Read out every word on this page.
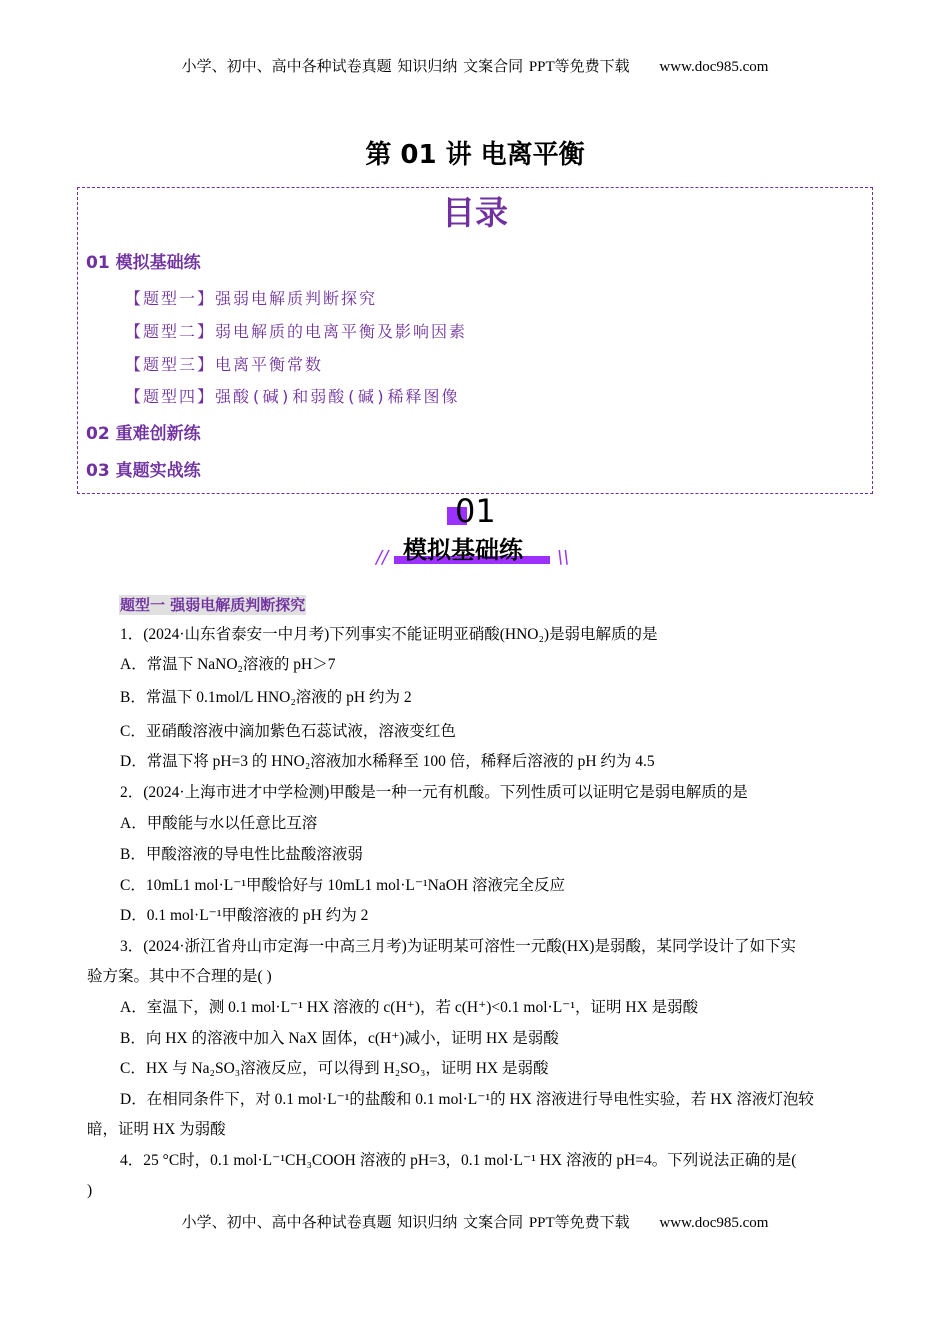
小学、初中、高中各种试卷真题 知识归纳 文案合同 PPT等免费下载 www.doc985.com
第 01 讲 电离平衡
目录
01 模拟基础练
【题型一】强弱电解质判断探究
【题型二】弱电解质的电离平衡及影响因素
【题型三】电离平衡常数
【题型四】强酸(碱)和弱酸(碱)稀释图像
02 重难创新练
03 真题实战练
01
模拟基础练
//	\\
题型一 强弱电解质判断探究
1．(2024·山东省泰安一中月考)下列事实不能证明亚硝酸(HNO₂)是弱电解质的是
A．常温下 NaNO₂溶液的 pH＞7
B．常温下 0.1mol/L HNO₂溶液的 pH 约为 2
C．亚硝酸溶液中滴加紫色石蕊试液，溶液变红色
D．常温下将 pH=3 的 HNO₂溶液加水稀释至 100 倍，稀释后溶液的 pH 约为 4.5
2．(2024·上海市进才中学检测)甲酸是一种一元有机酸。下列性质可以证明它是弱电解质的是
A．甲酸能与水以任意比互溶
B．甲酸溶液的导电性比盐酸溶液弱
C．10mL1 mol·L⁻¹甲酸恰好与 10mL1 mol·L⁻¹NaOH 溶液完全反应
D．0.1 mol·L⁻¹甲酸溶液的 pH 约为 2
3．(2024·浙江省舟山市定海一中高三月考)为证明某可溶性一元酸(HX)是弱酸，某同学设计了如下实
验方案。其中不合理的是( )
A．室温下，测 0.1 mol·L⁻¹ HX 溶液的 c(H⁺)，若 c(H⁺)<0.1 mol·L⁻¹，证明 HX 是弱酸
B．向 HX 的溶液中加入 NaX 固体，c(H⁺)减小，证明 HX 是弱酸
C．HX 与 Na₂SO₃溶液反应，可以得到 H₂SO₃，证明 HX 是弱酸
D．在相同条件下，对 0.1 mol·L⁻¹的盐酸和 0.1 mol·L⁻¹的 HX 溶液进行导电性实验，若 HX 溶液灯泡较
暗，证明 HX 为弱酸
4．25 °C时，0.1 mol·L⁻¹CH₃COOH 溶液的 pH=3，0.1 mol·L⁻¹ HX 溶液的 pH=4。下列说法正确的是(
)
小学、初中、高中各种试卷真题 知识归纳 文案合同 PPT等免费下载 www.doc985.com
